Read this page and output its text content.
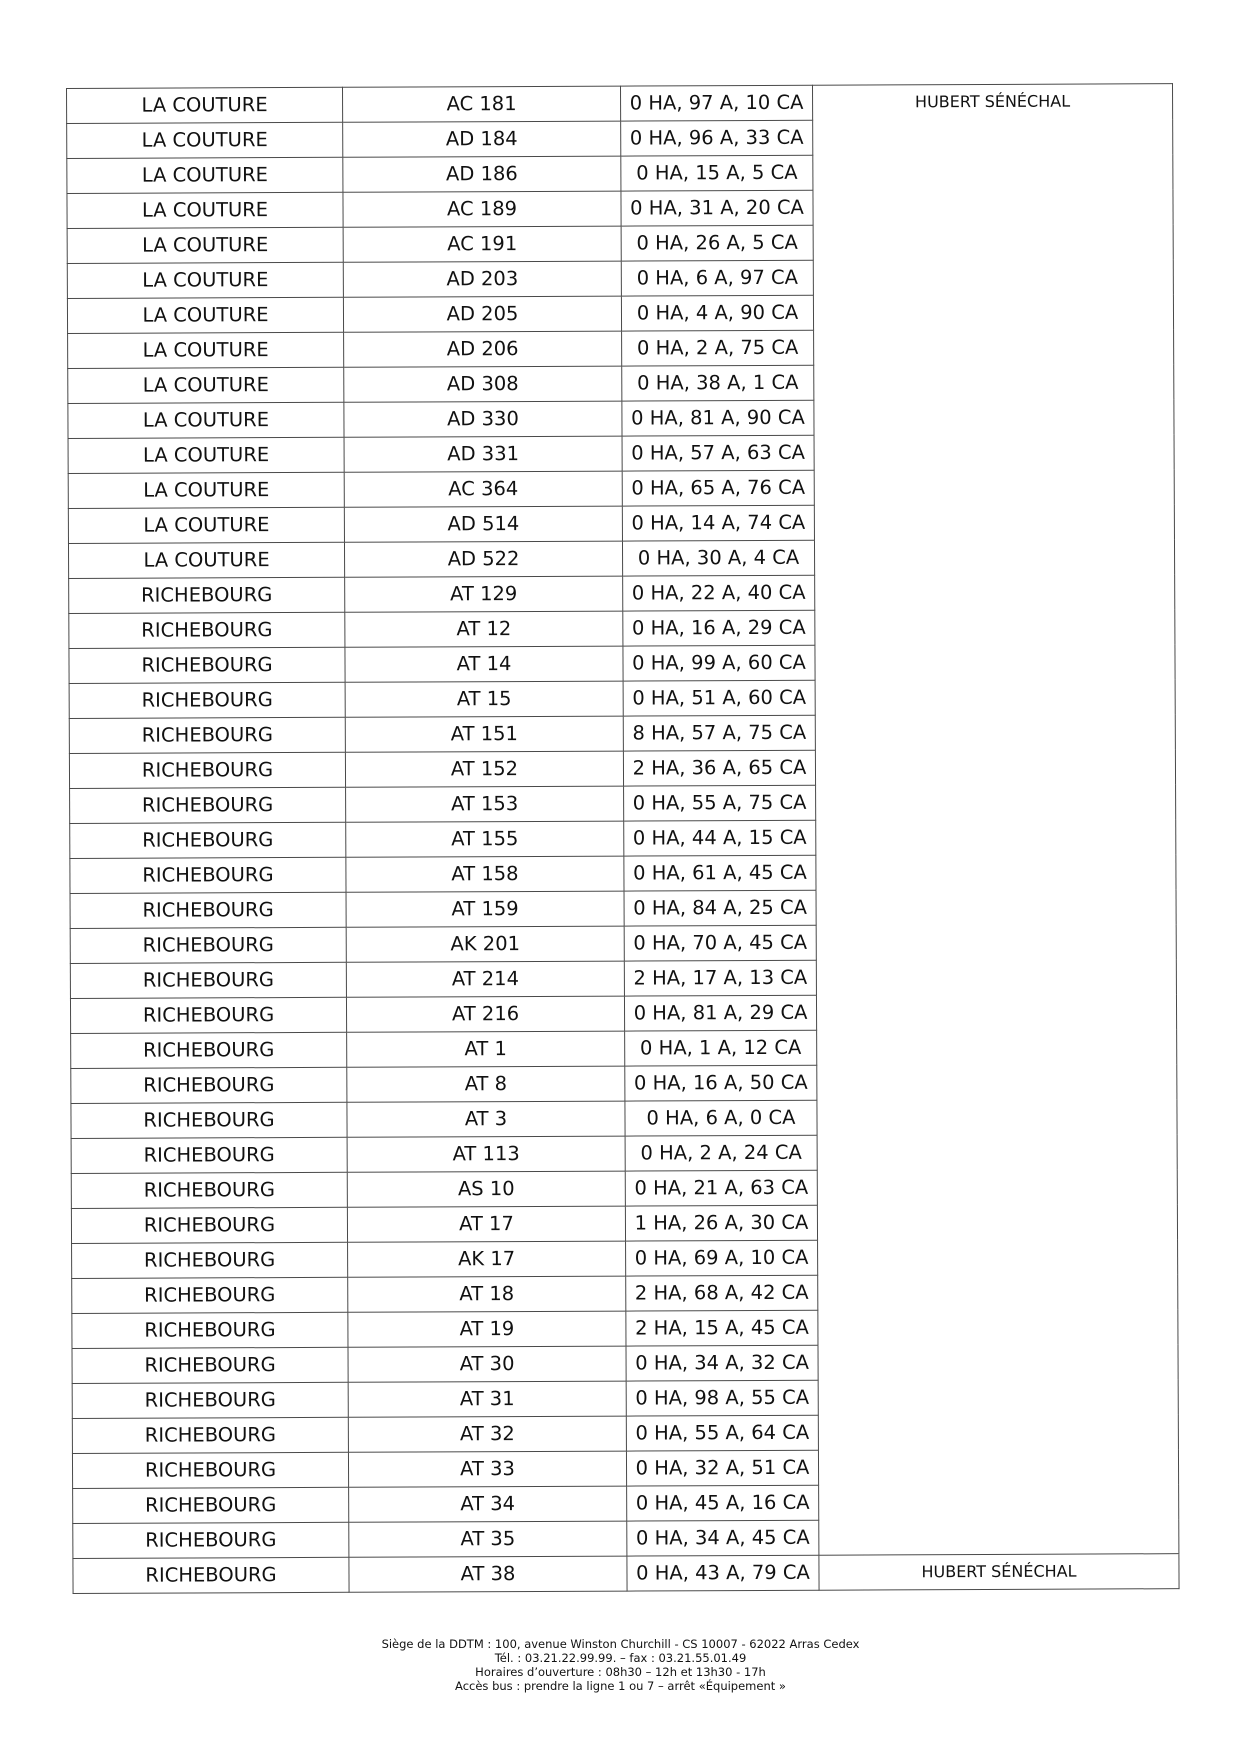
LA COUTURE	AC 181	0 HA, 97 A, 10 CA	HUBERT SÉNÉCHAL
LA COUTURE	AD 184	0 HA, 96 A, 33 CA	
LA COUTURE	AD 186	0 HA, 15 A, 5 CA	
LA COUTURE	AC 189	0 HA, 31 A, 20 CA	
LA COUTURE	AC 191	0 HA, 26 A, 5 CA	
LA COUTURE	AD 203	0 HA, 6 A, 97 CA	
LA COUTURE	AD 205	0 HA, 4 A, 90 CA	
LA COUTURE	AD 206	0 HA, 2 A, 75 CA	
LA COUTURE	AD 308	0 HA, 38 A, 1 CA	
LA COUTURE	AD 330	0 HA, 81 A, 90 CA	
LA COUTURE	AD 331	0 HA, 57 A, 63 CA	
LA COUTURE	AC 364	0 HA, 65 A, 76 CA	
LA COUTURE	AD 514	0 HA, 14 A, 74 CA	
LA COUTURE	AD 522	0 HA, 30 A, 4 CA	
RICHEBOURG	AT 129	0 HA, 22 A, 40 CA	
RICHEBOURG	AT 12	0 HA, 16 A, 29 CA	
RICHEBOURG	AT 14	0 HA, 99 A, 60 CA	
RICHEBOURG	AT 15	0 HA, 51 A, 60 CA	
RICHEBOURG	AT 151	8 HA, 57 A, 75 CA	
RICHEBOURG	AT 152	2 HA, 36 A, 65 CA	
RICHEBOURG	AT 153	0 HA, 55 A, 75 CA	
RICHEBOURG	AT 155	0 HA, 44 A, 15 CA	
RICHEBOURG	AT 158	0 HA, 61 A, 45 CA	
RICHEBOURG	AT 159	0 HA, 84 A, 25 CA	
RICHEBOURG	AK 201	0 HA, 70 A, 45 CA	
RICHEBOURG	AT 214	2 HA, 17 A, 13 CA	
RICHEBOURG	AT 216	0 HA, 81 A, 29 CA	
RICHEBOURG	AT 1	0 HA, 1 A, 12 CA	
RICHEBOURG	AT 8	0 HA, 16 A, 50 CA	
RICHEBOURG	AT 3	0 HA, 6 A, 0 CA	
RICHEBOURG	AT 113	0 HA, 2 A, 24 CA	
RICHEBOURG	AS 10	0 HA, 21 A, 63 CA	
RICHEBOURG	AT 17	1 HA, 26 A, 30 CA	
RICHEBOURG	AK 17	0 HA, 69 A, 10 CA	
RICHEBOURG	AT 18	2 HA, 68 A, 42 CA	
RICHEBOURG	AT 19	2 HA, 15 A, 45 CA	
RICHEBOURG	AT 30	0 HA, 34 A, 32 CA	
RICHEBOURG	AT 31	0 HA, 98 A, 55 CA	
RICHEBOURG	AT 32	0 HA, 55 A, 64 CA	
RICHEBOURG	AT 33	0 HA, 32 A, 51 CA	
RICHEBOURG	AT 34	0 HA, 45 A, 16 CA	
RICHEBOURG	AT 35	0 HA, 34 A, 45 CA	
RICHEBOURG	AT 38	0 HA, 43 A, 79 CA	HUBERT SÉNÉCHAL
Siège de la DDTM : 100, avenue Winston Churchill - CS 10007 - 62022 Arras Cedex
Tél. : 03.21.22.99.99. – fax : 03.21.55.01.49
Horaires d’ouverture : 08h30 – 12h et 13h30 - 17h
Accès bus : prendre la ligne 1 ou 7 – arrêt «Équipement »
